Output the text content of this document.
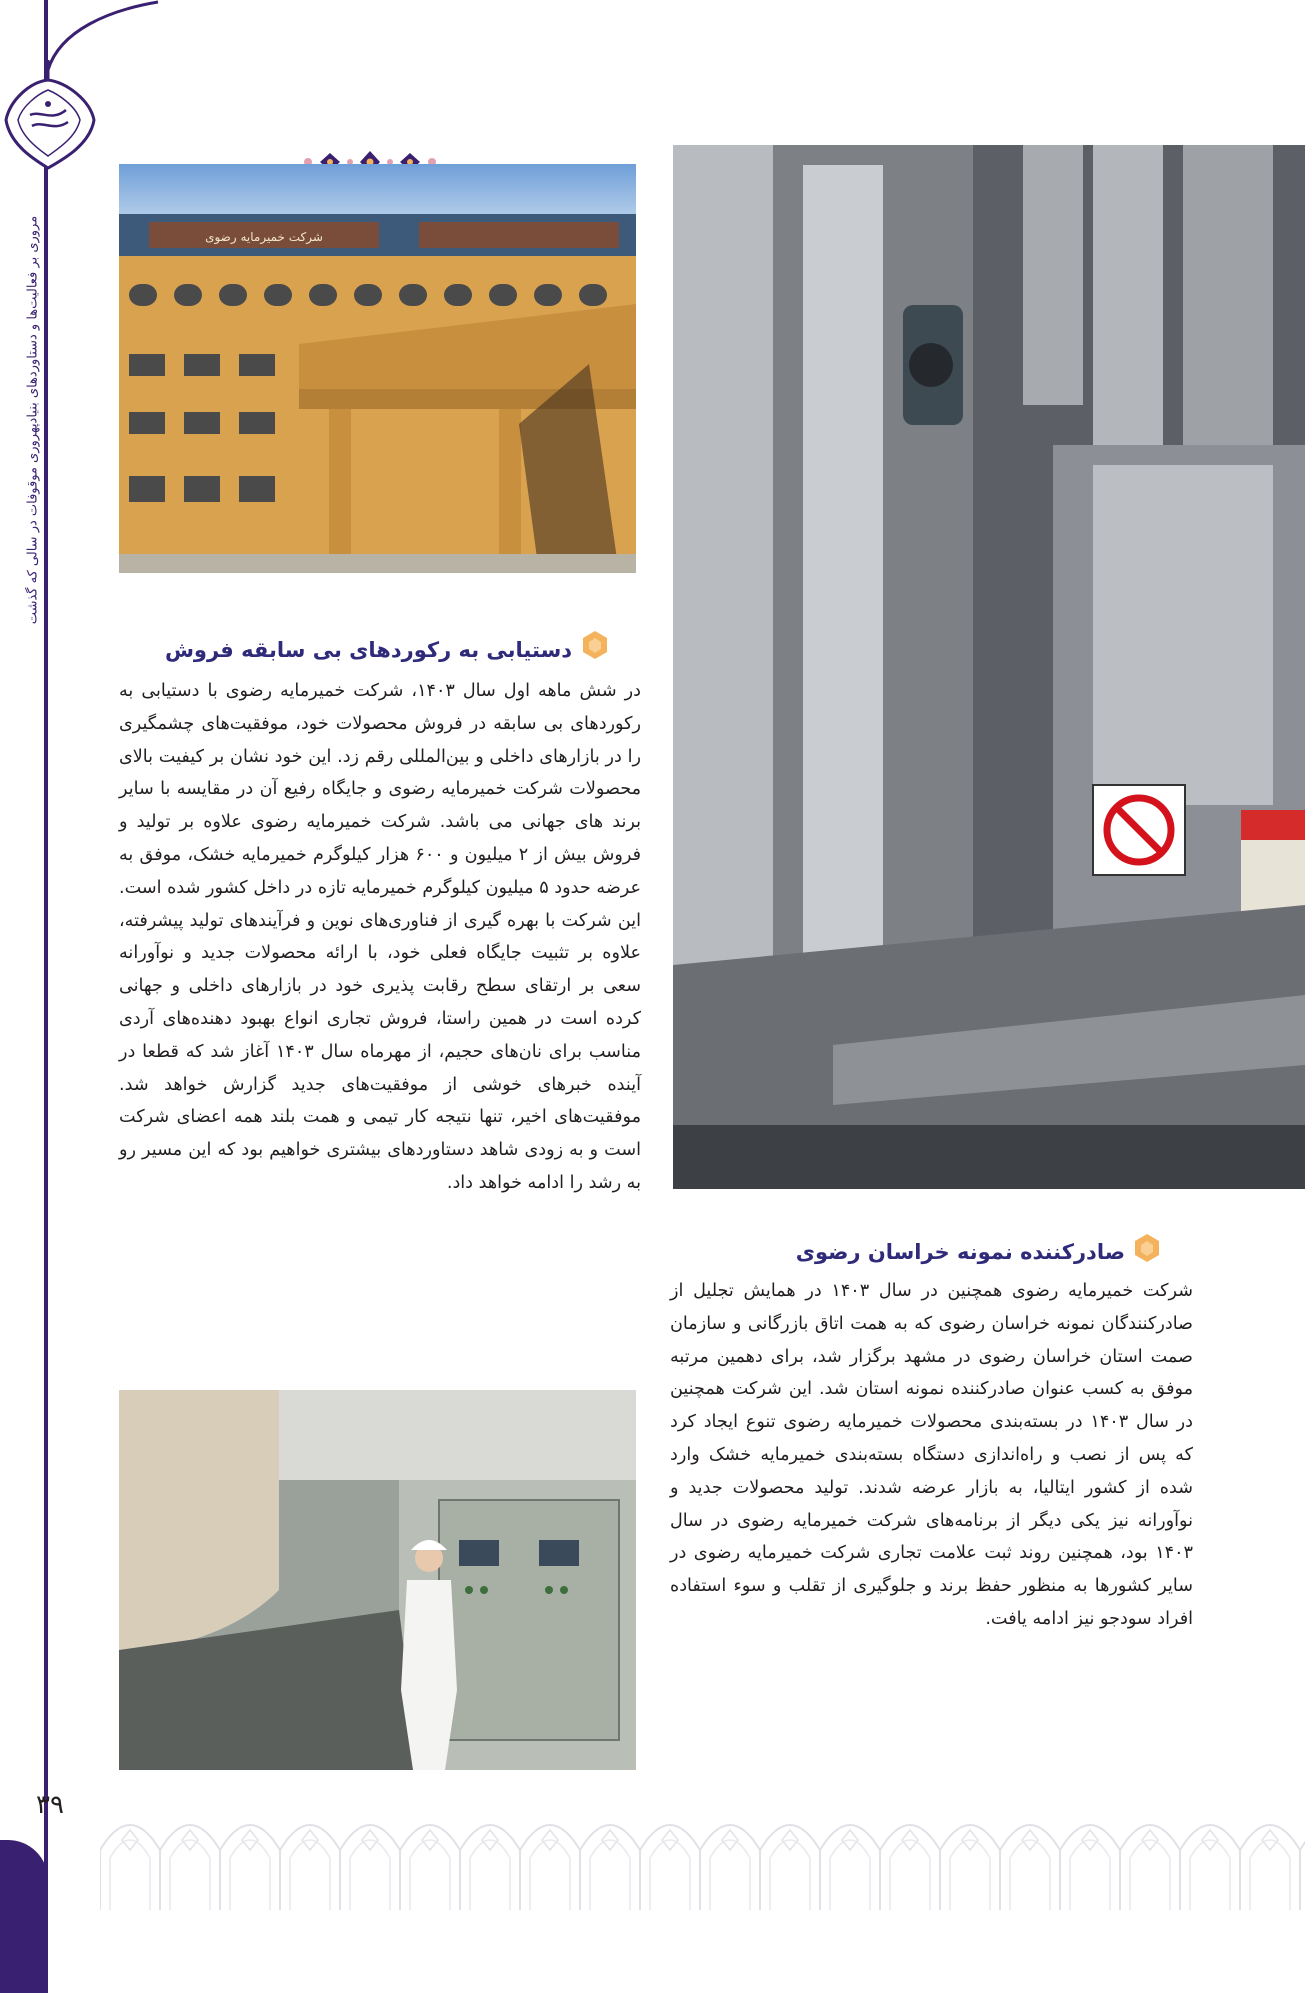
مروری بر فعالیت‌ها و دستاوردهای بنیادپهروری موقوفات در سالی که گذشت
۳۹
شرکت خمیرمایه رضوی
دستیابی به رکوردهای بی سابقه فروش
در شش ماهه اول سال ۱۴۰۳، شرکت خمیرمایه رضوی با دستیابی به رکوردهای بی سابقه در فروش محصولات خود، موفقیت‌های چشمگیری را در بازارهای داخلی و بین‌المللی رقم زد. این خود نشان بر کیفیت بالای محصولات شرکت خمیرمایه رضوی و جایگاه رفیع آن در مقایسه با سایر برند های جهانی می باشد. شرکت خمیرمایه رضوی علاوه بر تولید و فروش بیش از ۲ میلیون و ۶۰۰ هزار کیلوگرم خمیرمایه خشک، موفق به عرضه حدود ۵ میلیون کیلوگرم خمیرمایه تازه در داخل کشور شده است. این شرکت با بهره گیری از فناوری‌های نوین و فرآیندهای تولید پیشرفته، علاوه بر تثبیت جایگاه فعلی خود، با ارائه محصولات جدید و نوآورانه سعی بر ارتقای سطح رقابت پذیری خود در بازارهای داخلی و جهانی کرده است در همین راستا، فروش تجاری انواع بهبود دهنده‌های آردی مناسب برای نان‌های حجیم، از مهرماه سال ۱۴۰۳ آغاز شد که قطعا در آینده خبرهای خوشی از موفقیت‌های جدید گزارش خواهد شد. موفقیت‌های اخیر، تنها نتیجه کار تیمی و همت بلند همه اعضای شرکت است و به زودی شاهد دستاوردهای بیشتری خواهیم بود که این مسیر رو به رشد را ادامه خواهد داد.
صادرکننده نمونه خراسان رضوی
شرکت خمیرمایه رضوی همچنین در سال ۱۴۰۳ در همایش تجلیل از صادرکنندگان نمونه خراسان رضوی که به همت اتاق بازرگانی و سازمان صمت استان خراسان رضوی در مشهد برگزار شد، برای دهمین مرتبه موفق به کسب عنوان صادرکننده نمونه استان شد. این شرکت همچنین در سال ۱۴۰۳ در بسته‌بندی محصولات خمیرمایه رضوی تنوع ایجاد کرد که پس از نصب و راه‌اندازی دستگاه بسته‌بندی خمیرمایه خشک وارد شده از کشور ایتالیا، به بازار عرضه شدند. تولید محصولات جدید و نوآورانه نیز یکی دیگر از برنامه‌های شرکت خمیرمایه رضوی در سال ۱۴۰۳ بود، همچنین روند ثبت علامت تجاری شرکت خمیرمایه رضوی در سایر کشورها به منظور حفظ برند و جلوگیری از تقلب و سوء استفاده افراد سودجو نیز ادامه یافت.
